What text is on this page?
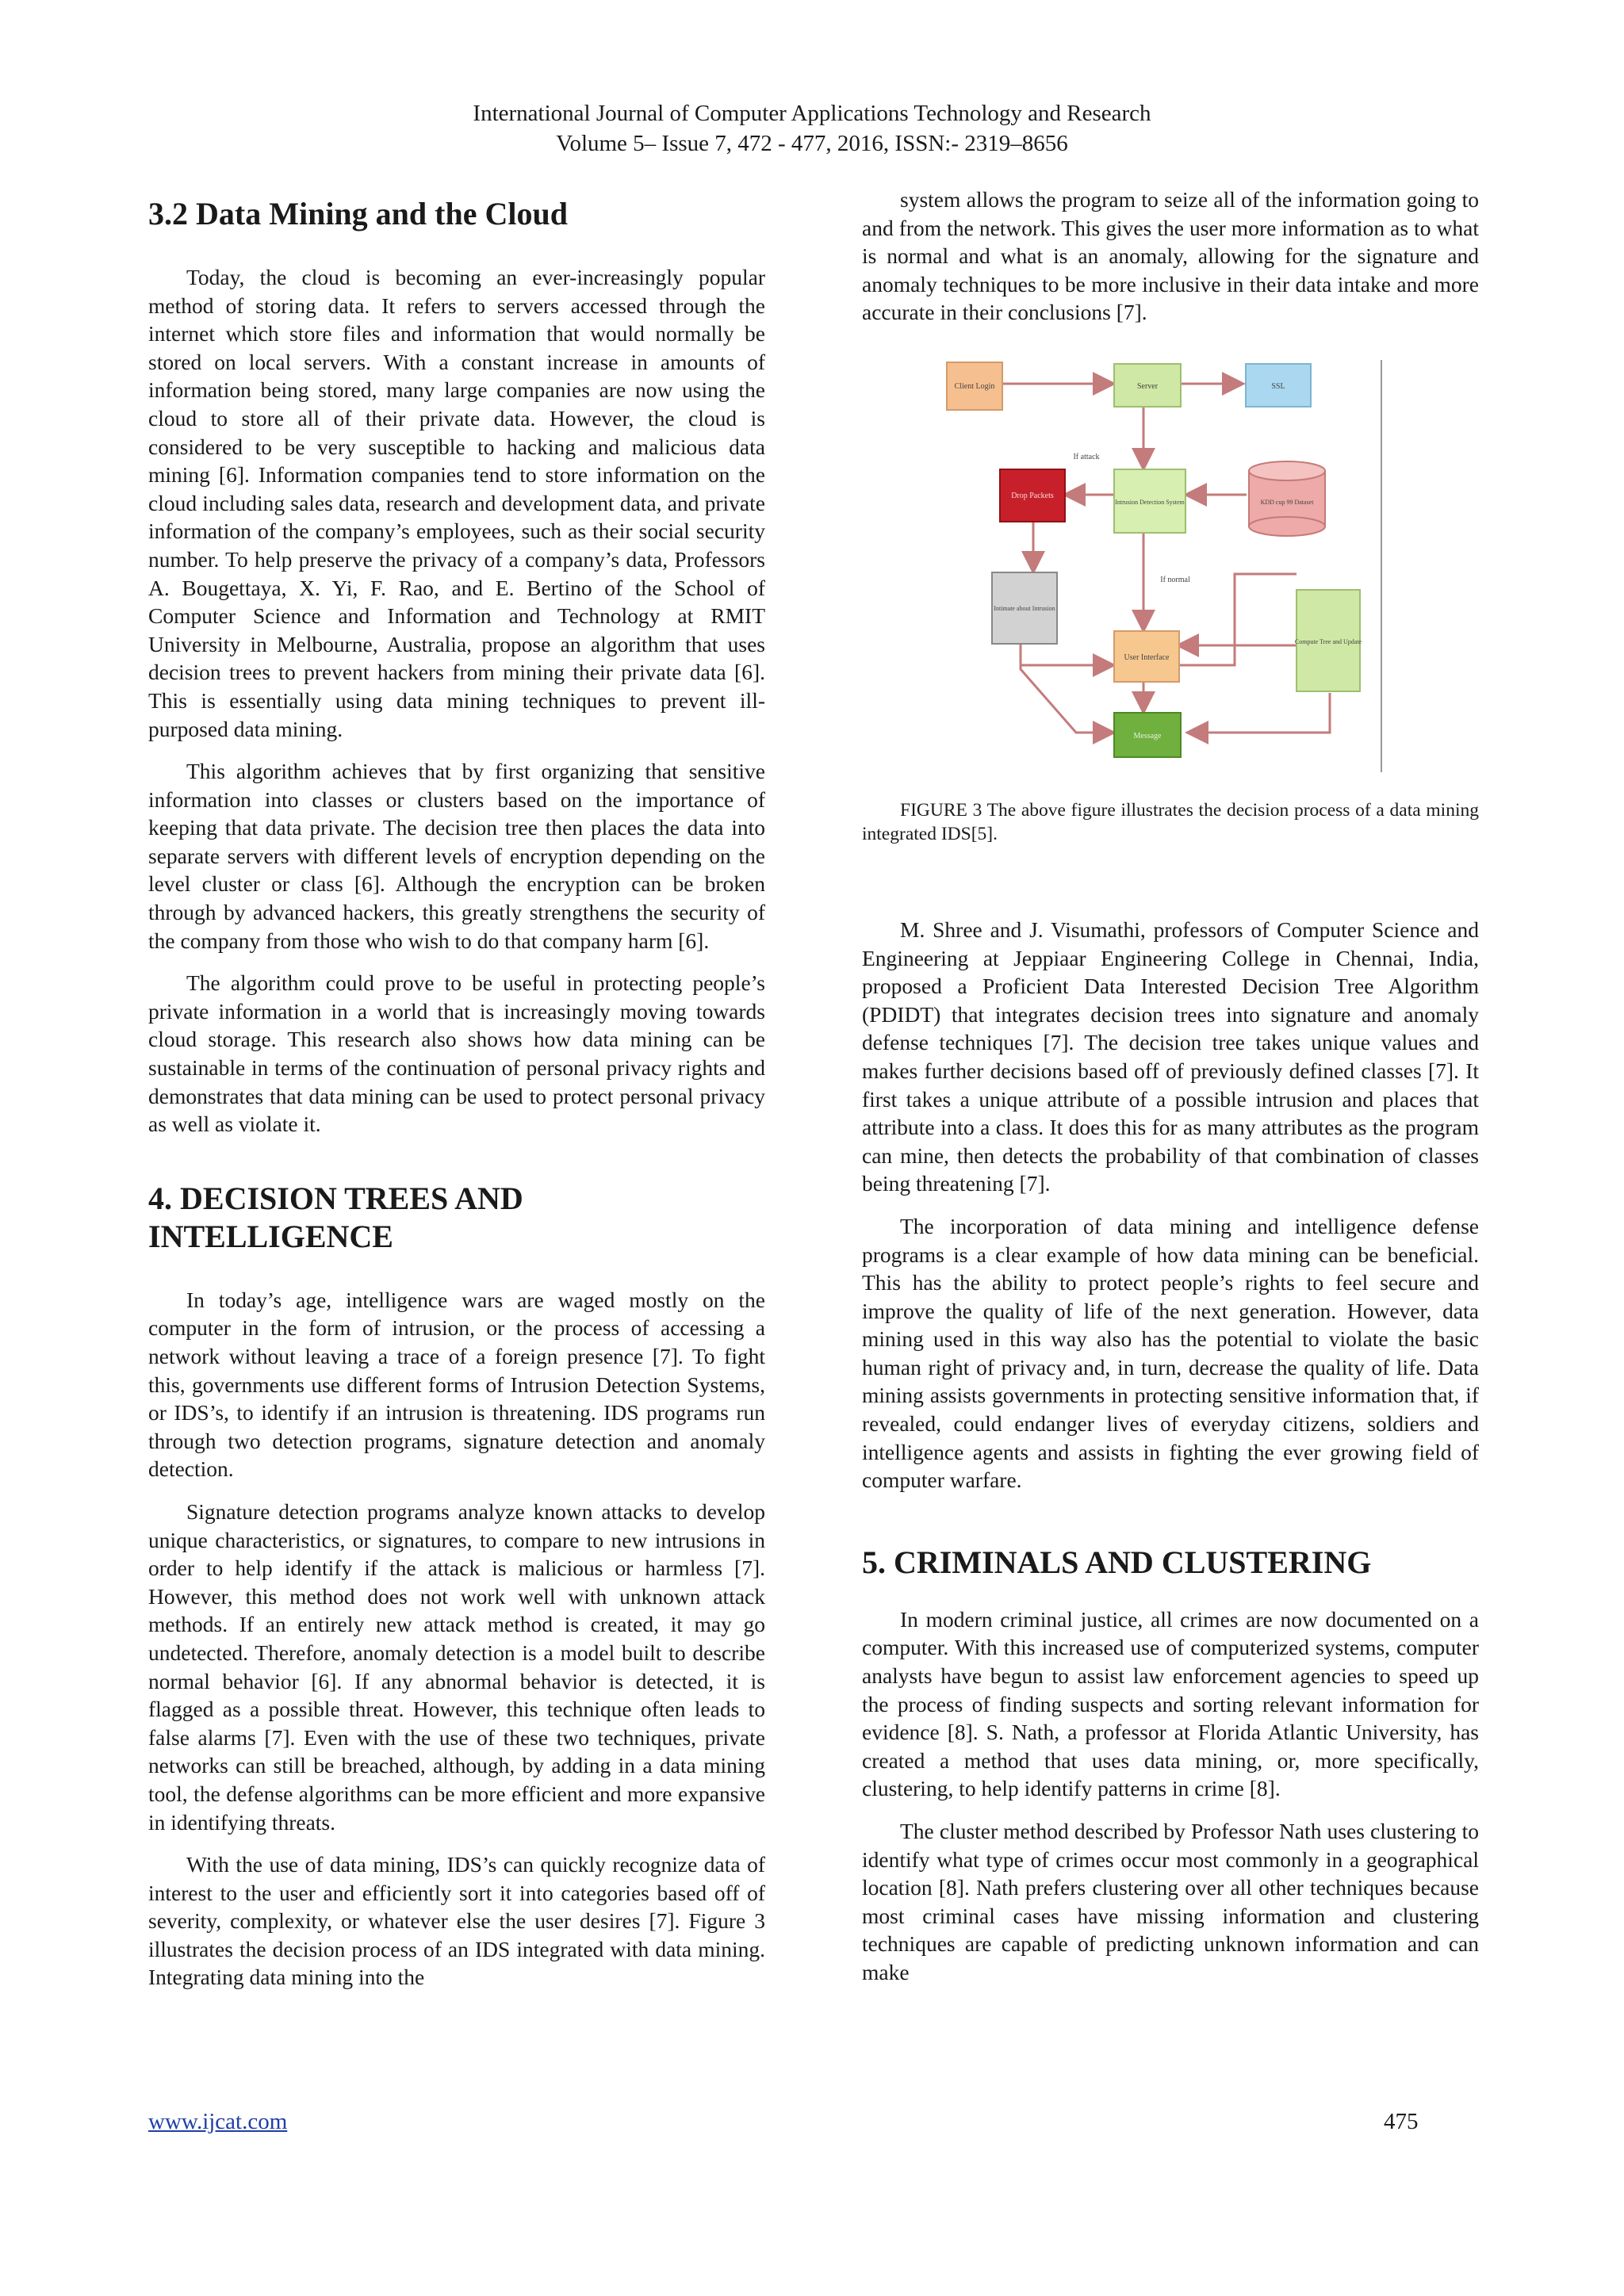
International Journal of Computer Applications Technology and Research
Volume 5– Issue 7, 472 - 477, 2016, ISSN:- 2319–8656
3.2 Data Mining and the Cloud

Today, the cloud is becoming an ever-increasingly popular method of storing data. It refers to servers accessed through the internet which store files and information that would normally be stored on local servers. With a constant increase in amounts of information being stored, many large companies are now using the cloud to store all of their private data. However, the cloud is considered to be very susceptible to hacking and malicious data mining [6]. Information companies tend to store information on the cloud including sales data, research and development data, and private information of the company’s employees, such as their social security number. To help preserve the privacy of a company’s data, Professors A. Bougettaya, X. Yi, F. Rao, and E. Bertino of the School of Computer Science and Information and Technology at RMIT University in Melbourne, Australia, propose an algorithm that uses decision trees to prevent hackers from mining their private data [6]. This is essentially using data mining techniques to prevent ill-purposed data mining.

This algorithm achieves that by first organizing that sensitive information into classes or clusters based on the importance of keeping that data private. The decision tree then places the data into separate servers with different levels of encryption depending on the level cluster or class [6]. Although the encryption can be broken through by advanced hackers, this greatly strengthens the security of the company from those who wish to do that company harm [6].

The algorithm could prove to be useful in protecting people’s private information in a world that is increasingly moving towards cloud storage. This research also shows how data mining can be sustainable in terms of the continuation of personal privacy rights and demonstrates that data mining can be used to protect personal privacy as well as violate it.

4. DECISION TREES AND
INTELLIGENCE

In today’s age, intelligence wars are waged mostly on the computer in the form of intrusion, or the process of accessing a network without leaving a trace of a foreign presence [7]. To fight this, governments use different forms of Intrusion Detection Systems, or IDS’s, to identify if an intrusion is threatening. IDS programs run through two detection programs, signature detection and anomaly detection.

Signature detection programs analyze known attacks to develop unique characteristics, or signatures, to compare to new intrusions in order to help identify if the attack is malicious or harmless [7]. However, this method does not work well with unknown attack methods. If an entirely new attack method is created, it may go undetected. Therefore, anomaly detection is a model built to describe normal behavior [6]. If any abnormal behavior is detected, it is flagged as a possible threat. However, this technique often leads to false alarms [7]. Even with the use of these two techniques, private networks can still be breached, although, by adding in a data mining tool, the defense algorithms can be more efficient and more expansive in identifying threats.

With the use of data mining, IDS’s can quickly recognize data of interest to the user and efficiently sort it into categories based off of severity, complexity, or whatever else the user desires [7]. Figure 3 illustrates the decision process of an IDS integrated with data mining. Integrating data mining into the

system allows the program to seize all of the information going to and from the network. This gives the user more information as to what is normal and what is an anomaly, allowing for the signature and anomaly techniques to be more inclusive in their data intake and more accurate in their conclusions [7].

Client Login	Server	SSL
If attack
Drop Packets
Intrusion Detection System	KDD cup 99 Dataset
If normal
Intimate about Intrusion
Compute Tree and Update
User Interface
Message

FIGURE 3 The above figure illustrates the decision process of a data mining integrated IDS[5].

M. Shree and J. Visumathi, professors of Computer Science and Engineering at Jeppiaar Engineering College in Chennai, India, proposed a Proficient Data Interested Decision Tree Algorithm (PDIDT) that integrates decision trees into signature and anomaly defense techniques [7]. The decision tree takes unique values and makes further decisions based off of previously defined classes [7]. It first takes a unique attribute of a possible intrusion and places that attribute into a class. It does this for as many attributes as the program can mine, then detects the probability of that combination of classes being threatening [7].

The incorporation of data mining and intelligence defense programs is a clear example of how data mining can be beneficial. This has the ability to protect people’s rights to feel secure and improve the quality of life of the next generation. However, data mining used in this way also has the potential to violate the basic human right of privacy and, in turn, decrease the quality of life. Data mining assists governments in protecting sensitive information that, if revealed, could endanger lives of everyday citizens, soldiers and intelligence agents and assists in fighting the ever growing field of computer warfare.

5. CRIMINALS AND CLUSTERING

In modern criminal justice, all crimes are now documented on a computer. With this increased use of computerized systems, computer analysts have begun to assist law enforcement agencies to speed up the process of finding suspects and sorting relevant information for evidence [8]. S. Nath, a professor at Florida Atlantic University, has created a method that uses data mining, or, more specifically, clustering, to help identify patterns in crime [8].

The cluster method described by Professor Nath uses clustering to identify what type of crimes occur most commonly in a geographical location [8]. Nath prefers clustering over all other techniques because most criminal cases have missing information and clustering techniques are capable of predicting unknown information and can make

www.ijcat.com	475
